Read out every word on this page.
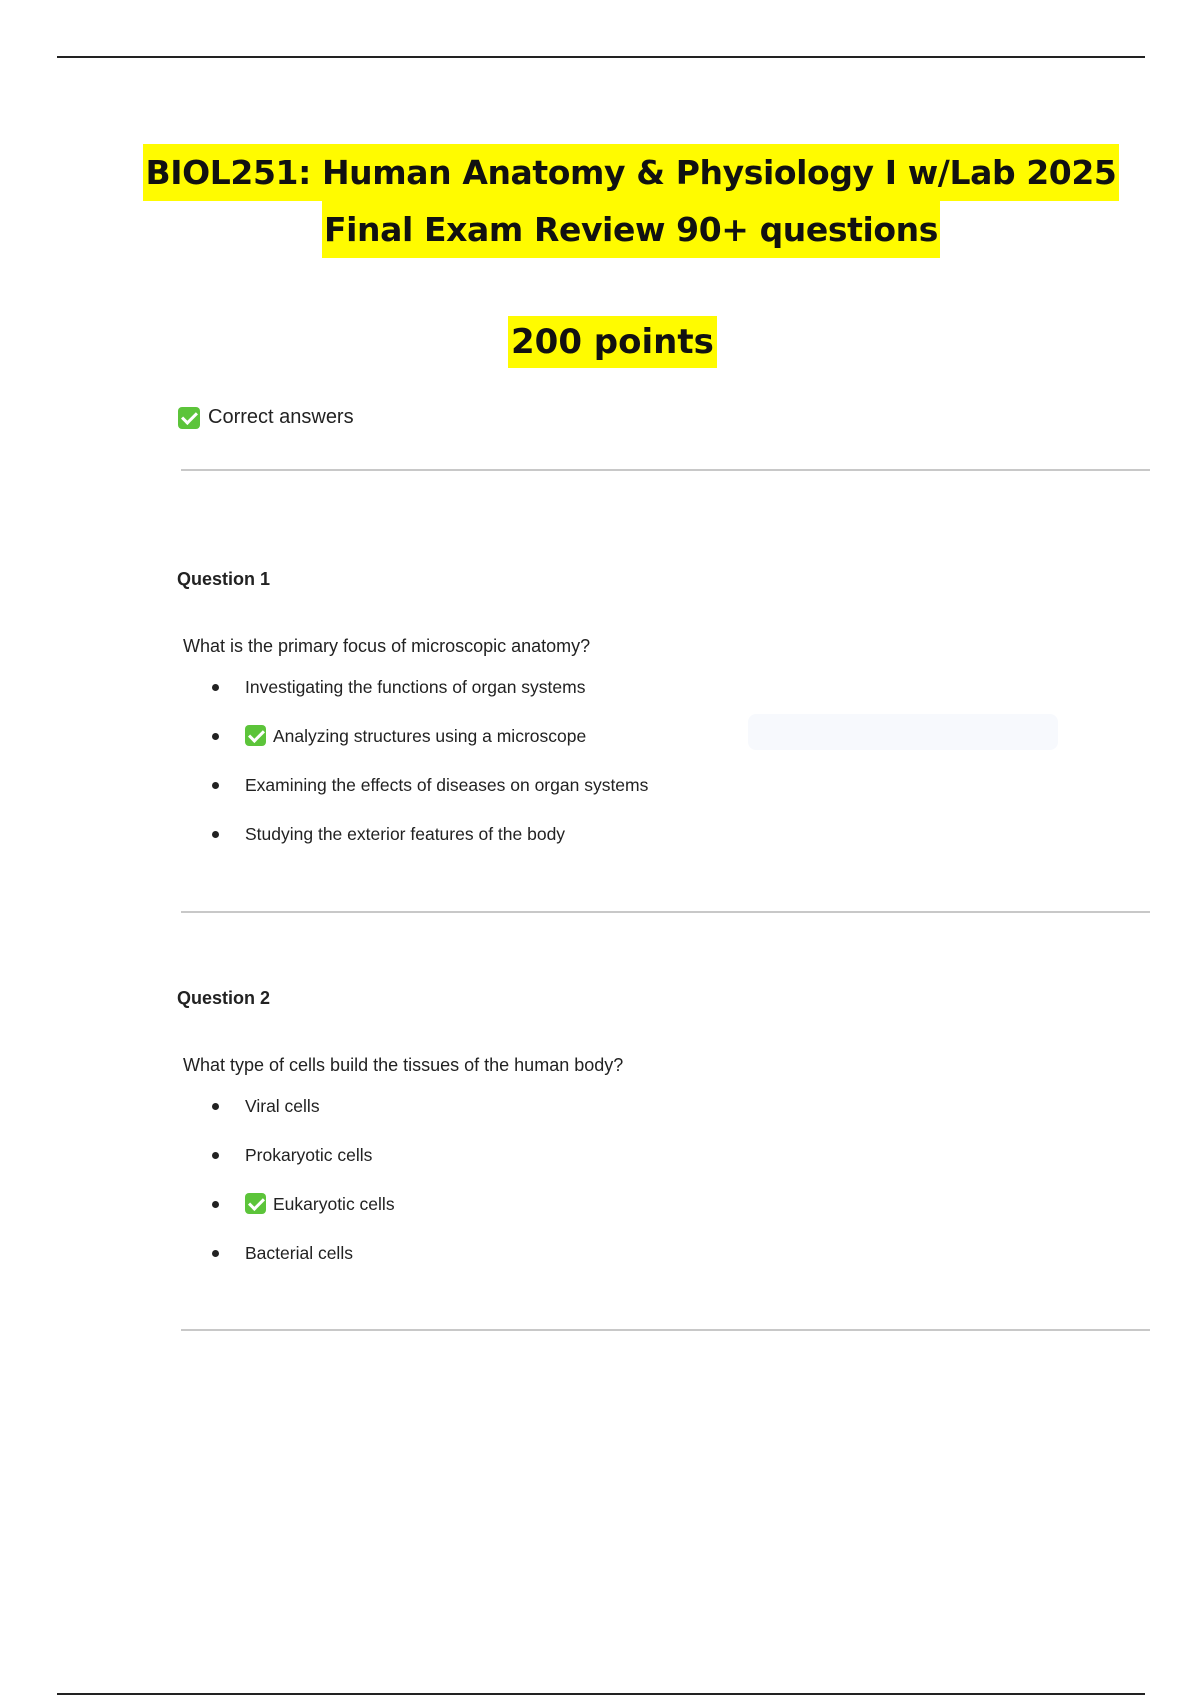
BIOL251: Human Anatomy & Physiology I w/Lab 2025
Final Exam Review 90+ questions
200 points
Correct answers
Question 1
What is the primary focus of microscopic anatomy?
Investigating the functions of organ systems
Analyzing structures using a microscope
Examining the effects of diseases on organ systems
Studying the exterior features of the body
Question 2
What type of cells build the tissues of the human body?
Viral cells
Prokaryotic cells
Eukaryotic cells
Bacterial cells
